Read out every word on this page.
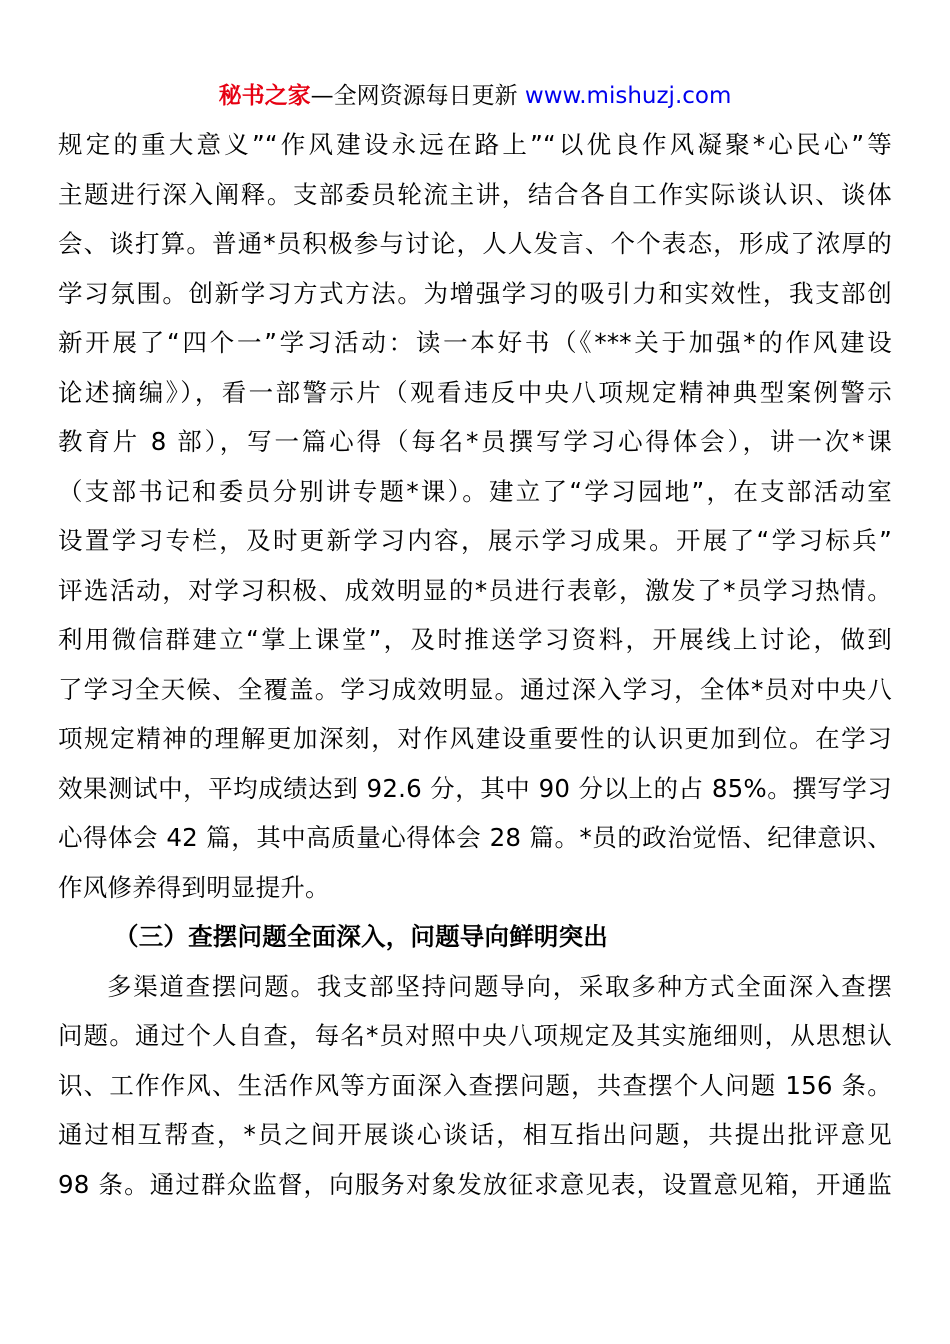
秘书之家—全网资源每日更新 www.mishuzj.com
规定的重大意义”“作风建设永远在路上”“以优良作风凝聚*心民心”等
主题进行深入阐释。支部委员轮流主讲，结合各自工作实际谈认识、谈体
会、谈打算。普通*员积极参与讨论，人人发言、个个表态，形成了浓厚的
学习氛围。创新学习方式方法。为增强学习的吸引力和实效性，我支部创
新开展了“四个一”学习活动：读一本好书（《***关于加强*的作风建设
论述摘编》），看一部警示片（观看违反中央八项规定精神典型案例警示
教育片 8 部），写一篇心得（每名*员撰写学习心得体会），讲一次*课
（支部书记和委员分别讲专题*课）。建立了“学习园地”，在支部活动室
设置学习专栏，及时更新学习内容，展示学习成果。开展了“学习标兵”
评选活动，对学习积极、成效明显的*员进行表彰，激发了*员学习热情。
利用微信群建立“掌上课堂”，及时推送学习资料，开展线上讨论，做到
了学习全天候、全覆盖。学习成效明显。通过深入学习，全体*员对中央八
项规定精神的理解更加深刻，对作风建设重要性的认识更加到位。在学习
效果测试中，平均成绩达到 92.6 分，其中 90 分以上的占 85%。撰写学习
心得体会 42 篇，其中高质量心得体会 28 篇。*员的政治觉悟、纪律意识、
作风修养得到明显提升。
（三）查摆问题全面深入，问题导向鲜明突出
多渠道查摆问题。我支部坚持问题导向，采取多种方式全面深入查摆
问题。通过个人自查，每名*员对照中央八项规定及其实施细则，从思想认
识、工作作风、生活作风等方面深入查摆问题，共查摆个人问题 156 条。
通过相互帮查，*员之间开展谈心谈话，相互指出问题，共提出批评意见
98 条。通过群众监督，向服务对象发放征求意见表，设置意见箱，开通监
